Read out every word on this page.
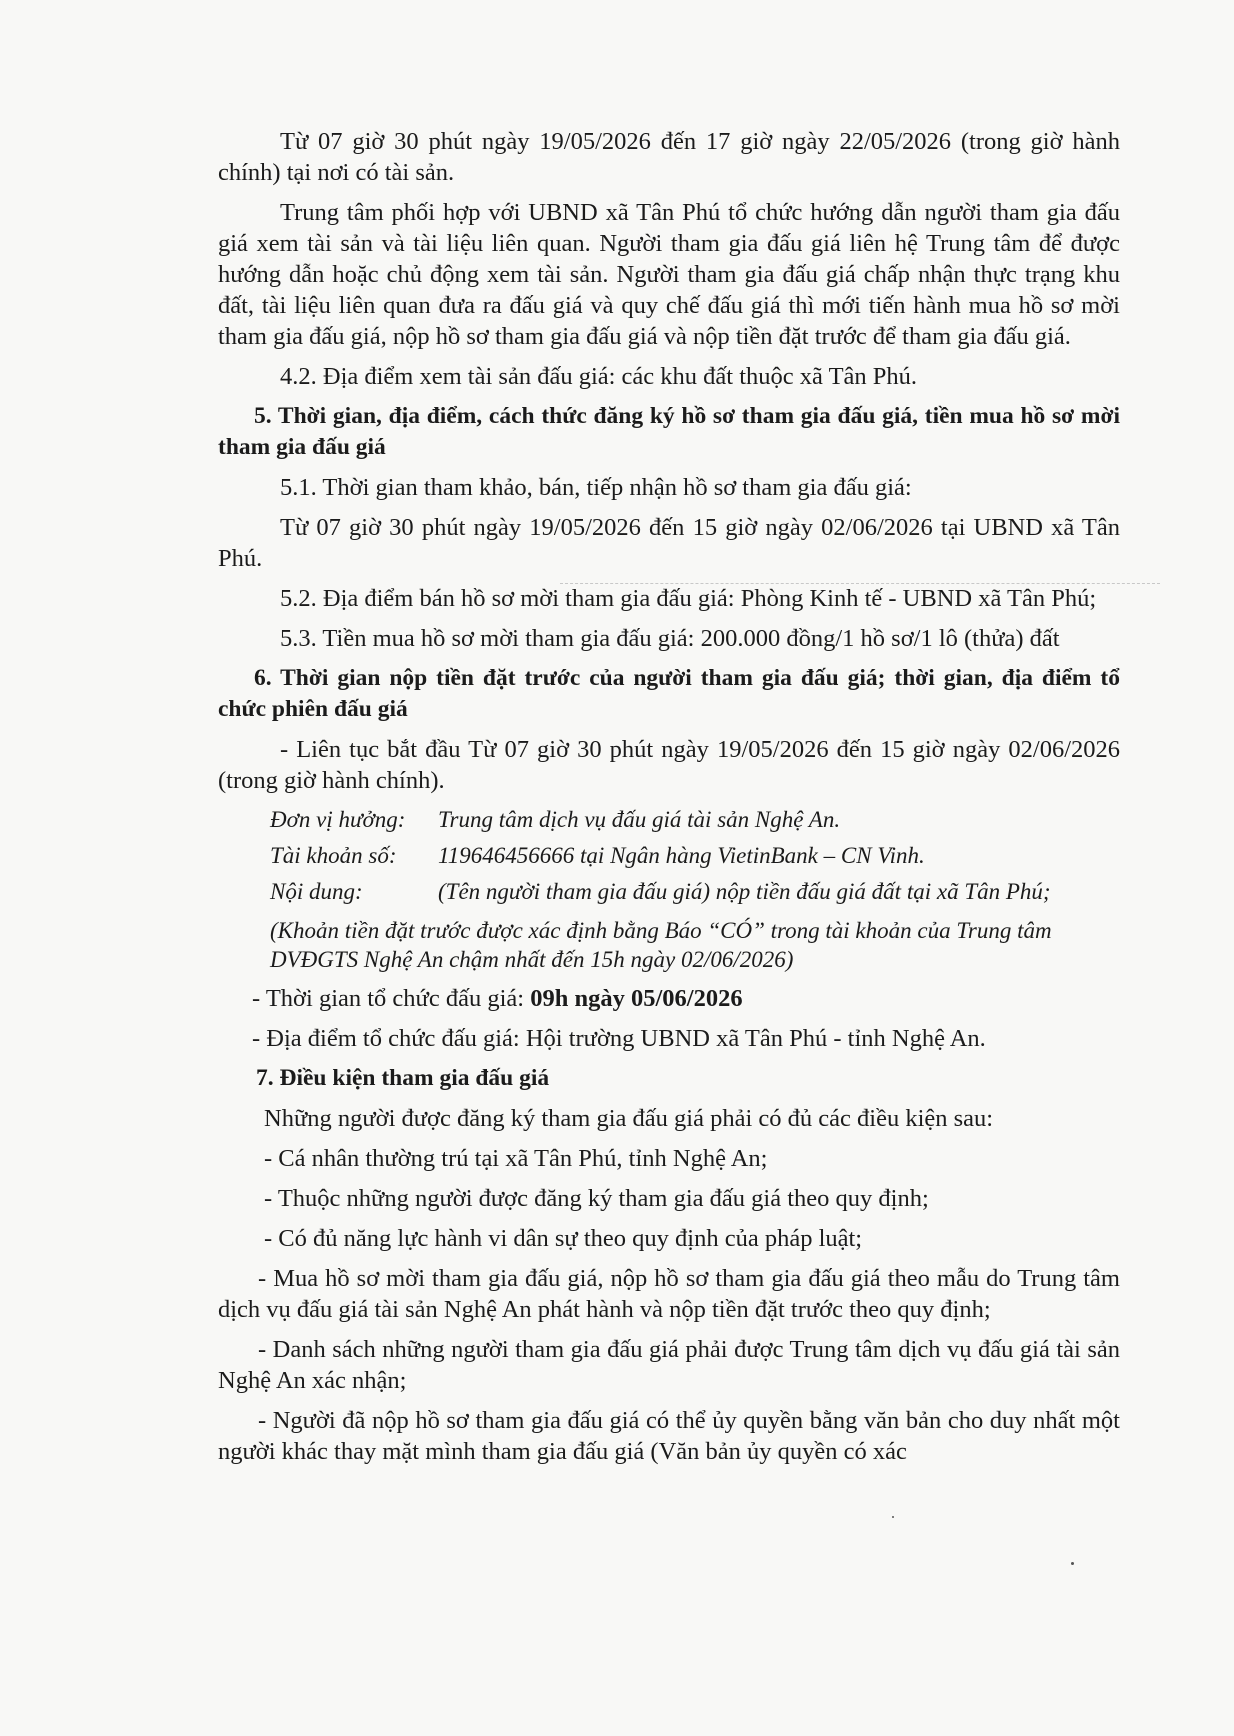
Từ 07 giờ 30 phút ngày 19/05/2026 đến 17 giờ ngày 22/05/2026 (trong giờ hành chính) tại nơi có tài sản.

Trung tâm phối hợp với UBND xã Tân Phú tổ chức hướng dẫn người tham gia đấu giá xem tài sản và tài liệu liên quan. Người tham gia đấu giá liên hệ Trung tâm để được hướng dẫn hoặc chủ động xem tài sản. Người tham gia đấu giá chấp nhận thực trạng khu đất, tài liệu liên quan đưa ra đấu giá và quy chế đấu giá thì mới tiến hành mua hồ sơ mời tham gia đấu giá, nộp hồ sơ tham gia đấu giá và nộp tiền đặt trước để tham gia đấu giá.

4.2. Địa điểm xem tài sản đấu giá: các khu đất thuộc xã Tân Phú.

5. Thời gian, địa điểm, cách thức đăng ký hồ sơ tham gia đấu giá, tiền mua hồ sơ mời tham gia đấu giá

5.1. Thời gian tham khảo, bán, tiếp nhận hồ sơ tham gia đấu giá:

Từ 07 giờ 30 phút ngày 19/05/2026 đến 15 giờ ngày 02/06/2026 tại UBND xã Tân Phú.

5.2. Địa điểm bán hồ sơ mời tham gia đấu giá: Phòng Kinh tế - UBND xã Tân Phú;

5.3. Tiền mua hồ sơ mời tham gia đấu giá: 200.000 đồng/1 hồ sơ/1 lô (thửa) đất

6. Thời gian nộp tiền đặt trước của người tham gia đấu giá; thời gian, địa điểm tổ chức phiên đấu giá

- Liên tục bắt đầu Từ 07 giờ 30 phút ngày 19/05/2026 đến 15 giờ ngày 02/06/2026 (trong giờ hành chính).

Đơn vị hưởng: Trung tâm dịch vụ đấu giá tài sản Nghệ An.
Tài khoản số: 119646456666 tại Ngân hàng VietinBank – CN Vinh.
Nội dung:	(Tên người tham gia đấu giá) nộp tiền đấu giá đất tại xã Tân Phú;

(Khoản tiền đặt trước được xác định bằng Báo “CÓ” trong tài khoản của Trung tâm DVĐGTS Nghệ An chậm nhất đến 15h ngày 02/06/2026)

- Thời gian tổ chức đấu giá: 09h ngày 05/06/2026

- Địa điểm tổ chức đấu giá: Hội trường UBND xã Tân Phú - tỉnh Nghệ An.

7. Điều kiện tham gia đấu giá

Những người được đăng ký tham gia đấu giá phải có đủ các điều kiện sau:

- Cá nhân thường trú tại xã Tân Phú, tỉnh Nghệ An;

- Thuộc những người được đăng ký tham gia đấu giá theo quy định;

- Có đủ năng lực hành vi dân sự theo quy định của pháp luật;

- Mua hồ sơ mời tham gia đấu giá, nộp hồ sơ tham gia đấu giá theo mẫu do Trung tâm dịch vụ đấu giá tài sản Nghệ An phát hành và nộp tiền đặt trước theo quy định;

- Danh sách những người tham gia đấu giá phải được Trung tâm dịch vụ đấu giá tài sản Nghệ An xác nhận;

- Người đã nộp hồ sơ tham gia đấu giá có thể ủy quyền bằng văn bản cho duy nhất một người khác thay mặt mình tham gia đấu giá (Văn bản ủy quyền có xác
